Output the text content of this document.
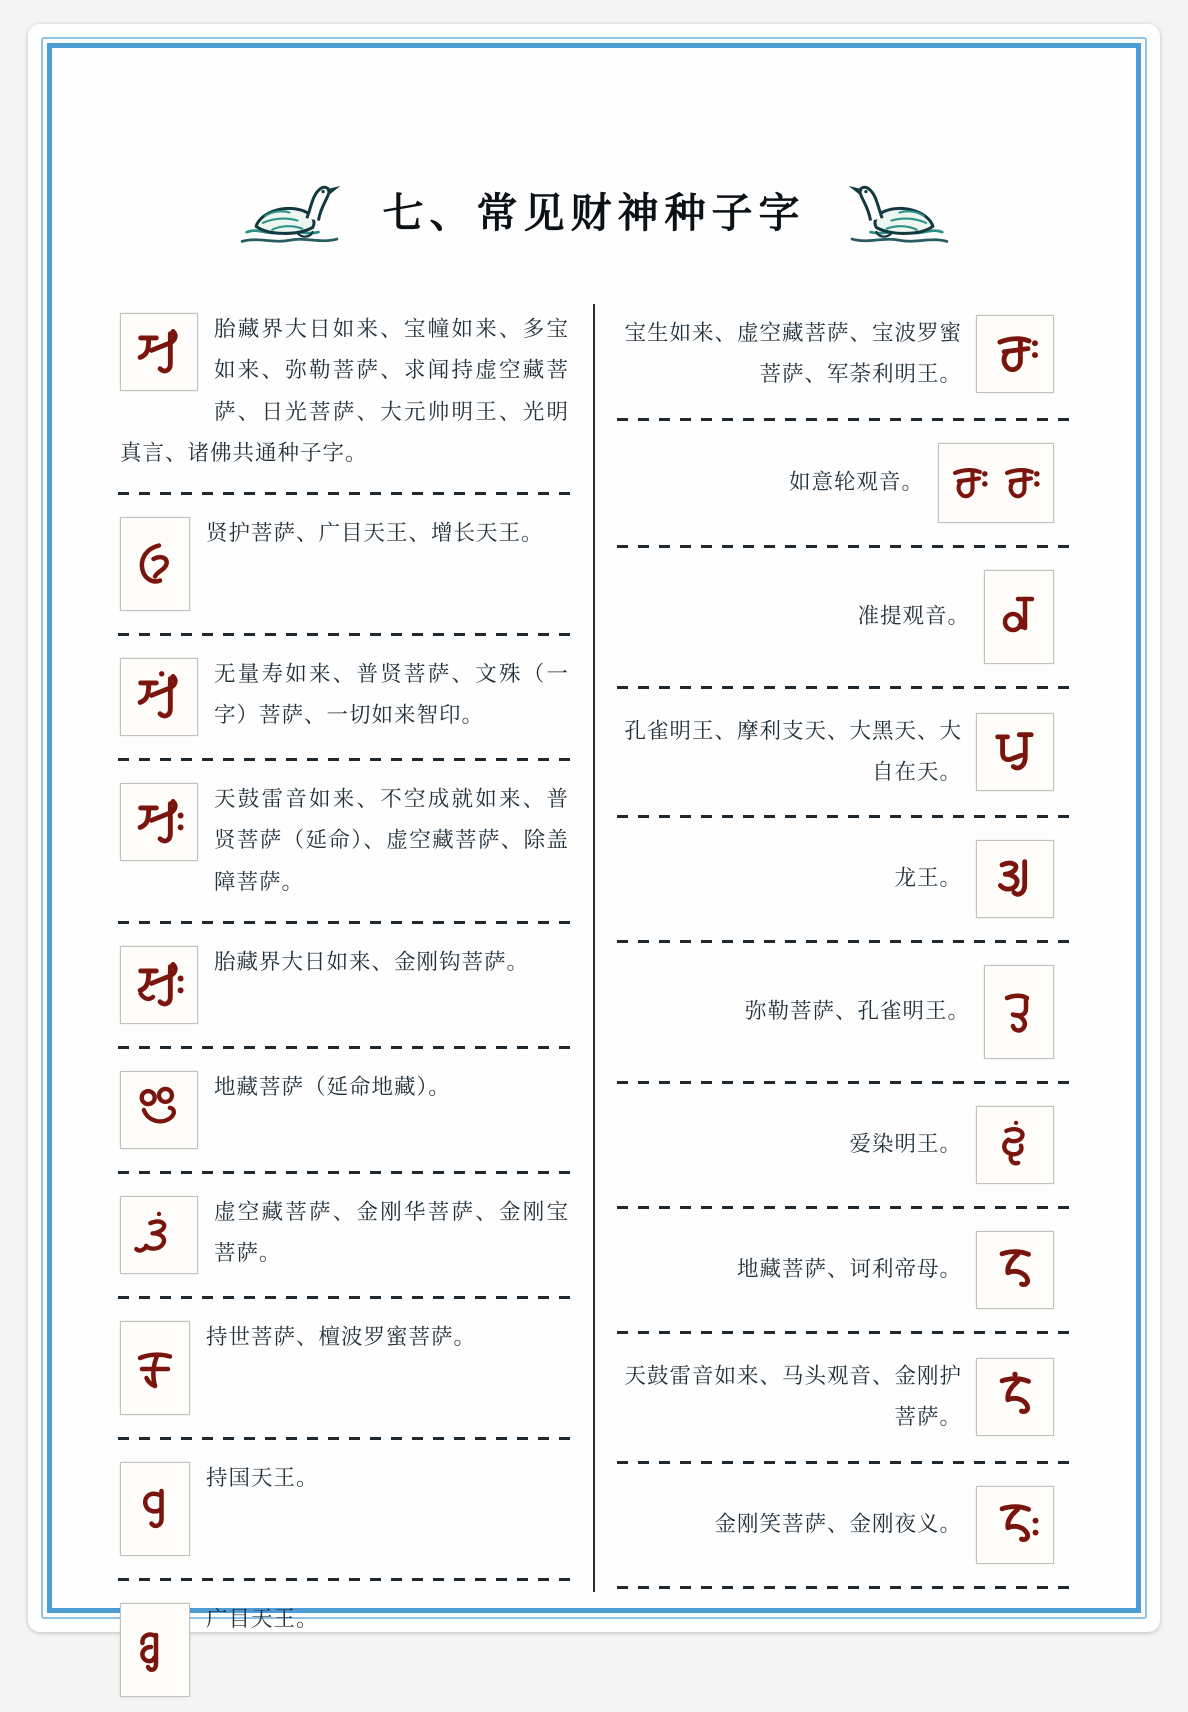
七、常见财神种子字

胎藏界大日如来、宝幢如来、多宝如来、弥勒菩萨、求闻持虚空藏菩萨、日光菩萨、大元帅明王、光明真言、诸佛共通种子字。

贤护菩萨、广目天王、增长天王。

无量寿如来、普贤菩萨、文殊（一字）菩萨、一切如来智印。

天鼓雷音如来、不空成就如来、普贤菩萨（延命）、虚空藏菩萨、除盖障菩萨。

胎藏界大日如来、金刚钩菩萨。

地藏菩萨（延命地藏）。

虚空藏菩萨、金刚华菩萨、金刚宝菩萨。

持世菩萨、檀波罗蜜菩萨。

持国天王。

广目天王。

宝生如来、虚空藏菩萨、宝波罗蜜菩萨、军荼利明王。

如意轮观音。

准提观音。

孔雀明王、摩利支天、大黑天、大自在天。

龙王。

弥勒菩萨、孔雀明王。

爱染明王。

地藏菩萨、诃利帝母。

天鼓雷音如来、马头观音、金刚护菩萨。

金刚笑菩萨、金刚夜义。
